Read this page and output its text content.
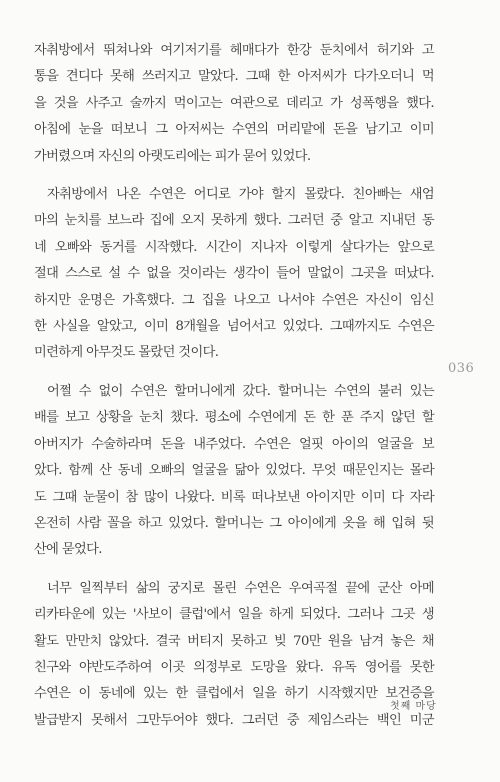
자취방에서 뛰쳐나와 여기저기를 헤매다가 한강 둔치에서 허기와 고
통을 견디다 못해 쓰러지고 말았다. 그때 한 아저씨가 다가오더니 먹
을 것을 사주고 술까지 먹이고는 여관으로 데리고 가 성폭행을 했다.
아침에 눈을 떠보니 그 아저씨는 수연의 머리맡에 돈을 남기고 이미
가버렸으며 자신의 아랫도리에는 피가 묻어 있었다.

자취방에서 나온 수연은 어디로 가야 할지 몰랐다. 친아빠는 새엄
마의 눈치를 보느라 집에 오지 못하게 했다. 그러던 중 알고 지내던 동
네 오빠와 동거를 시작했다. 시간이 지나자 이렇게 살다가는 앞으로
절대 스스로 설 수 없을 것이라는 생각이 들어 말없이 그곳을 떠났다.
하지만 운명은 가혹했다. 그 집을 나오고 나서야 수연은 자신이 임신
한 사실을 알았고, 이미 8개월을 넘어서고 있었다. 그때까지도 수연은
미련하게 아무것도 몰랐던 것이다.

어쩔 수 없이 수연은 할머니에게 갔다. 할머니는 수연의 불러 있는
배를 보고 상황을 눈치 챘다. 평소에 수연에게 돈 한 푼 주지 않던 할
아버지가 수술하라며 돈을 내주었다. 수연은 얼핏 아이의 얼굴을 보
았다. 함께 산 동네 오빠의 얼굴을 닮아 있었다. 무엇 때문인지는 몰라
도 그때 눈물이 참 많이 나왔다. 비록 떠나보낸 아이지만 이미 다 자라
온전히 사람 꼴을 하고 있었다. 할머니는 그 아이에게 옷을 해 입혀 뒷
산에 묻었다.

너무 일찍부터 삶의 궁지로 몰린 수연은 우여곡절 끝에 군산 아메
리카타운에 있는 '사보이 클럽'에서 일을 하게 되었다. 그러나 그곳 생
활도 만만치 않았다. 결국 버티지 못하고 빚 70만 원을 남겨 놓은 채
친구와 야반도주하여 이곳 의정부로 도망을 왔다. 유독 영어를 못한
수연은 이 동네에 있는 한 클럽에서 일을 하기 시작했지만 보건증을
발급받지 못해서 그만두어야 했다. 그러던 중 제임스라는 백인 미군

036
첫째 마당
